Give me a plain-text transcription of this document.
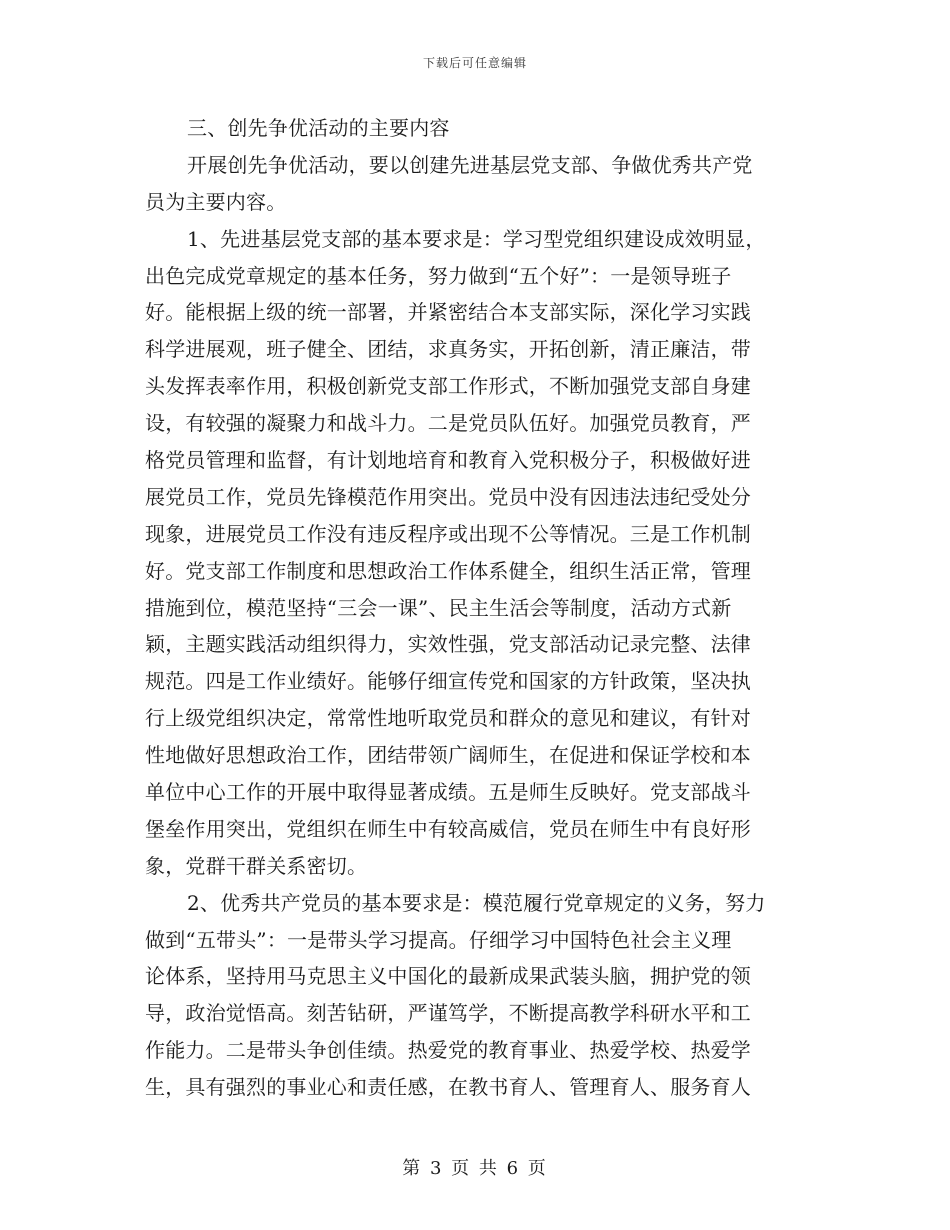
下载后可任意编辑
三、创先争优活动的主要内容
开展创先争优活动，要以创建先进基层党支部、争做优秀共产党
员为主要内容。
1、先进基层党支部的基本要求是：学习型党组织建设成效明显，
出色完成党章规定的基本任务，努力做到“五个好”：一是领导班子
好。能根据上级的统一部署，并紧密结合本支部实际，深化学习实践
科学进展观，班子健全、团结，求真务实，开拓创新，清正廉洁，带
头发挥表率作用，积极创新党支部工作形式，不断加强党支部自身建
设，有较强的凝聚力和战斗力。二是党员队伍好。加强党员教育，严
格党员管理和监督，有计划地培育和教育入党积极分子，积极做好进
展党员工作，党员先锋模范作用突出。党员中没有因违法违纪受处分
现象，进展党员工作没有违反程序或出现不公等情况。三是工作机制
好。党支部工作制度和思想政治工作体系健全，组织生活正常，管理
措施到位，模范坚持“三会一课”、民主生活会等制度，活动方式新
颖，主题实践活动组织得力，实效性强，党支部活动记录完整、法律
规范。四是工作业绩好。能够仔细宣传党和国家的方针政策，坚决执
行上级党组织决定，常常性地听取党员和群众的意见和建议，有针对
性地做好思想政治工作，团结带领广阔师生，在促进和保证学校和本
单位中心工作的开展中取得显著成绩。五是师生反映好。党支部战斗
堡垒作用突出，党组织在师生中有较高威信，党员在师生中有良好形
象，党群干群关系密切。
2、优秀共产党员的基本要求是：模范履行党章规定的义务，努力
做到“五带头”：一是带头学习提高。仔细学习中国特色社会主义理
论体系，坚持用马克思主义中国化的最新成果武装头脑，拥护党的领
导，政治觉悟高。刻苦钻研，严谨笃学，不断提高教学科研水平和工
作能力。二是带头争创佳绩。热爱党的教育事业、热爱学校、热爱学
生，具有强烈的事业心和责任感，在教书育人、管理育人、服务育人
第 3 页 共 6 页
